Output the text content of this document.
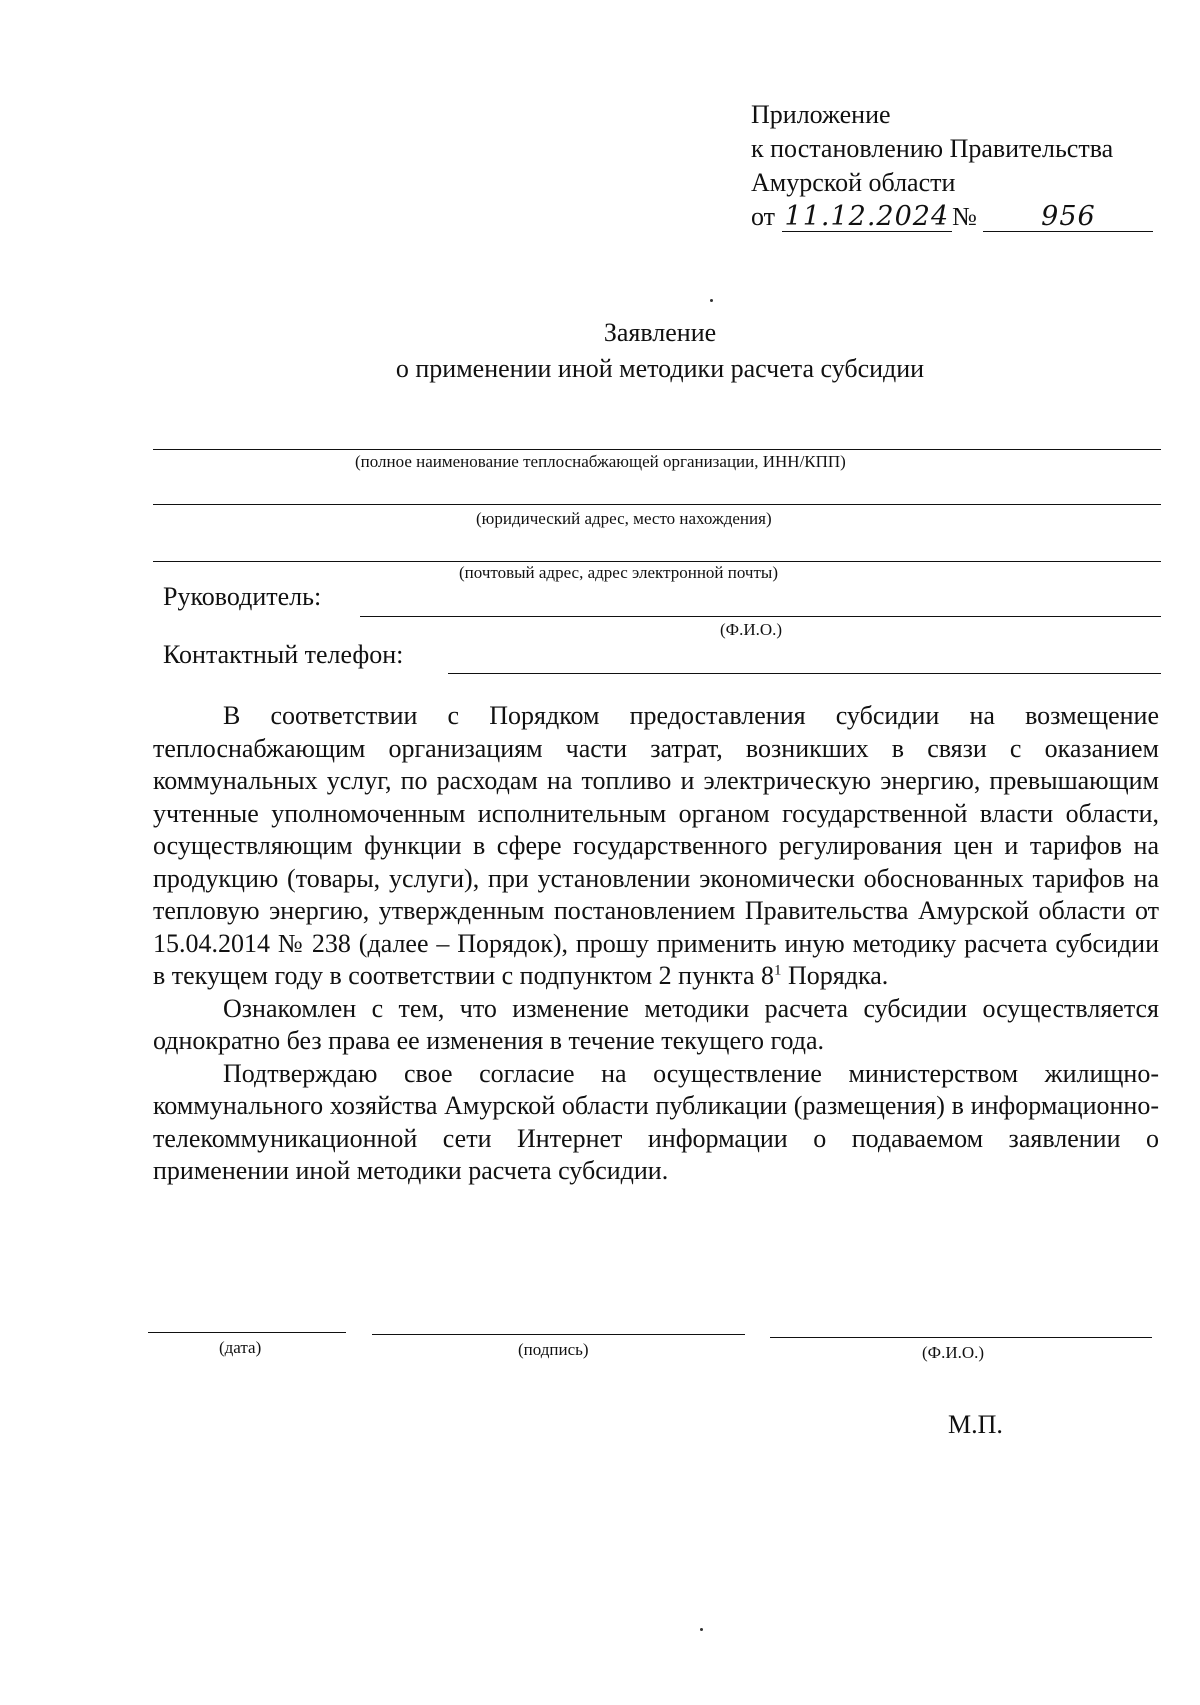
Приложение
к постановлению Правительства
Амурской области
от 11.12.2024 № 956
Заявление
о применении иной методики расчета субсидии
(полное наименование теплоснабжающей организации, ИНН/КПП)
(юридический адрес, место нахождения)
(почтовый адрес, адрес электронной почты)
Руководитель:
(Ф.И.О.)
Контактный телефон:

В соответствии с Порядком предоставления субсидии на возмещение теплоснабжающим организациям части затрат, возникших в связи с оказанием коммунальных услуг, по расходам на топливо и электрическую энергию, превышающим учтенные уполномоченным исполнительным органом государственной власти области, осуществляющим функции в сфере государственного регулирования цен и тарифов на продукцию (товары, услуги), при установлении экономически обоснованных тарифов на тепловую энергию, утвержденным постановлением Правительства Амурской области от 15.04.2014 № 238 (далее – Порядок), прошу применить иную методику расчета субсидии в текущем году в соответствии с подпунктом 2 пункта $8^1$ Порядка.

Ознакомлен с тем, что изменение методики расчета субсидии осуществляется однократно без права ее изменения в течение текущего года.

Подтверждаю свое согласие на осуществление министерством жилищно-коммунального хозяйства Амурской области публикации (размещения) в информационно-телекоммуникационной сети Интернет информации о подаваемом заявлении о применении иной методики расчета субсидии.

(дата)	(подпись)	(Ф.И.О.)
М.П.
